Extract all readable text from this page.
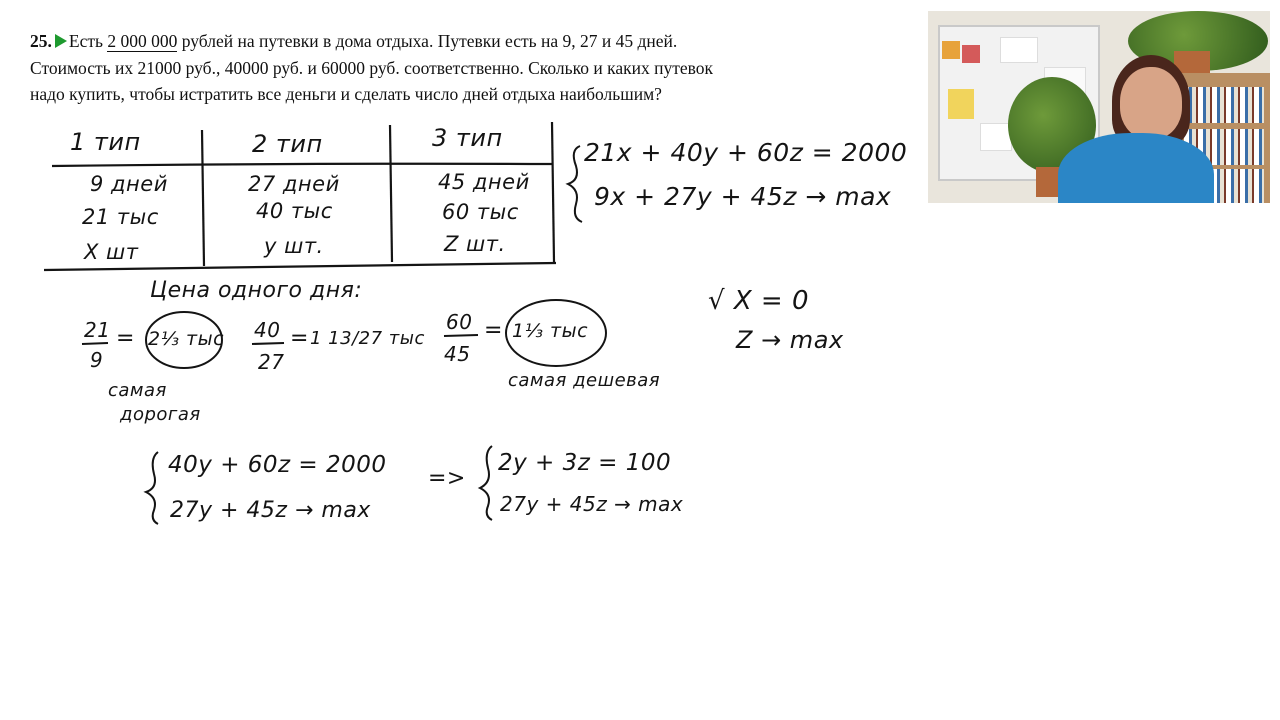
25. Есть 2 000 000 рублей на путевки в дома отдыха. Путевки есть на 9, 27 и 45 дней.
Стоимость их 21000 руб., 40000 руб. и 60000 руб. соответственно. Сколько и каких путевок
надо купить, чтобы истратить все деньги и сделать число дней отдыха наибольшим?
1 тип	2 тип	3 тип
9 дней	27 дней	45 дней
21 тыс	40 тыс	60 тыс
X шт	y шт.	Z шт.
21x + 40y + 60z = 2000
9x + 27y + 45z → max
Цена одного дня:
21
9
= 2⅓ тыс 40
27
= 1 13/27 тыс
60
45
= 1⅓ тыс
самая
дорогая
самая дешевая
√ X = 0
Z → max
40y + 60z = 2000
27y + 45z → max
=>
2y + 3z = 100
27y + 45z → max
